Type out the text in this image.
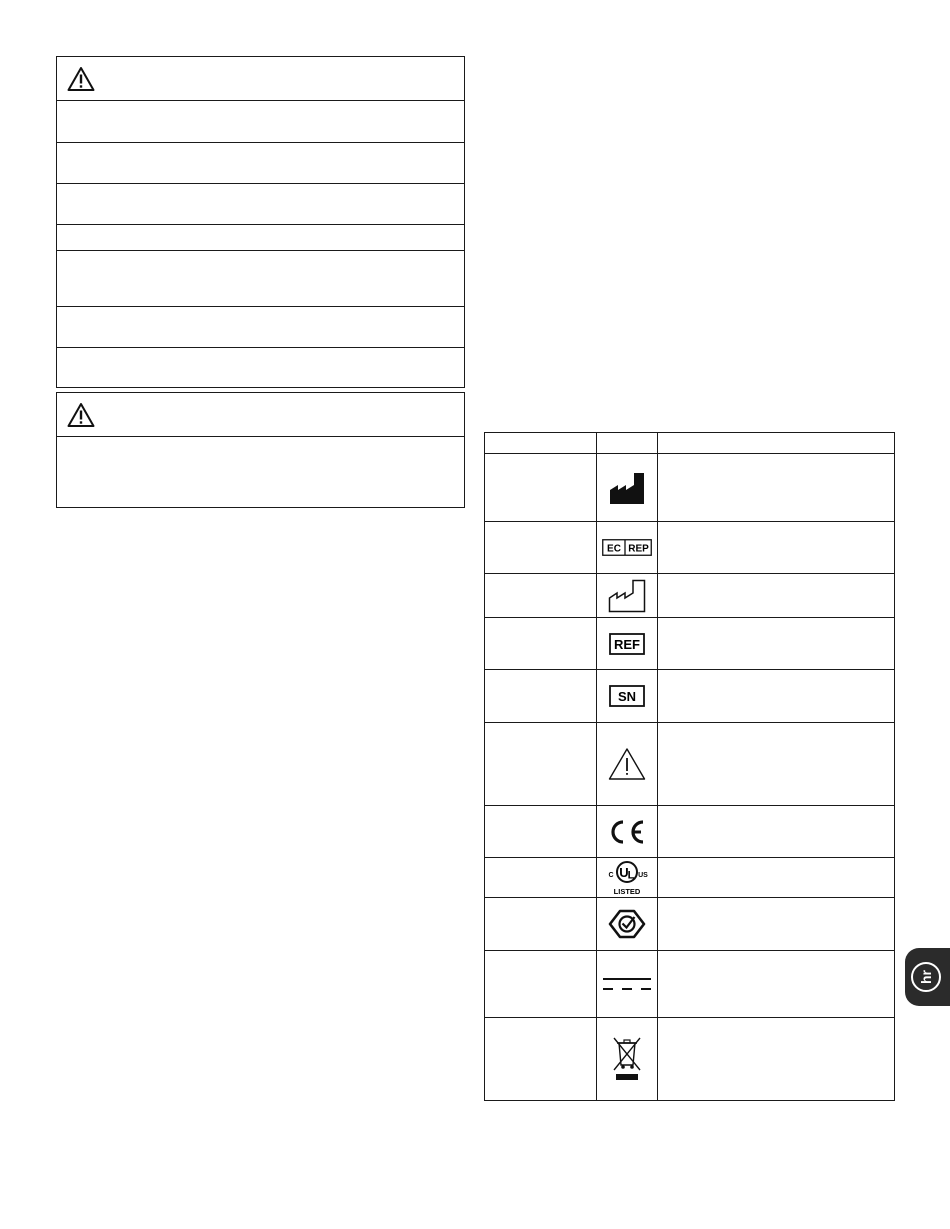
EC REP	

REF	

SN	

U
L
C US
LISTED	

hr
